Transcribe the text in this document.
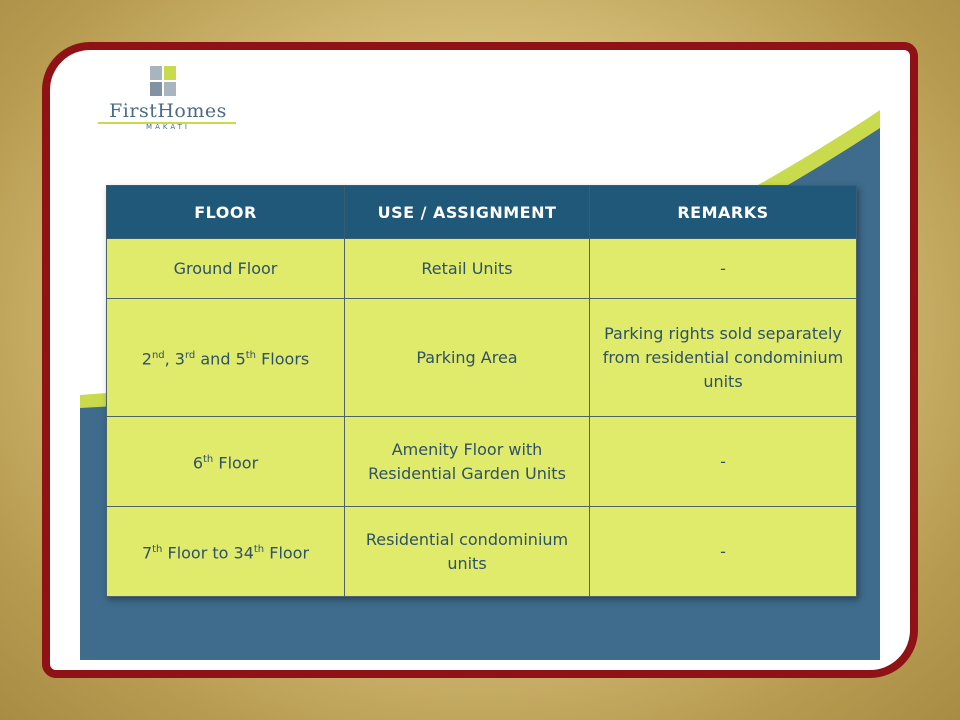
FirstHomes
MAKATI
FLOOR	USE / ASSIGNMENT	REMARKS
Ground Floor	Retail Units	-
2nd, 3rd and 5th Floors	Parking Area	Parking rights sold separately from residential condominium units
6th Floor	Amenity Floor with Residential Garden Units	-
7th Floor to 34th Floor	Residential condominium units	-
